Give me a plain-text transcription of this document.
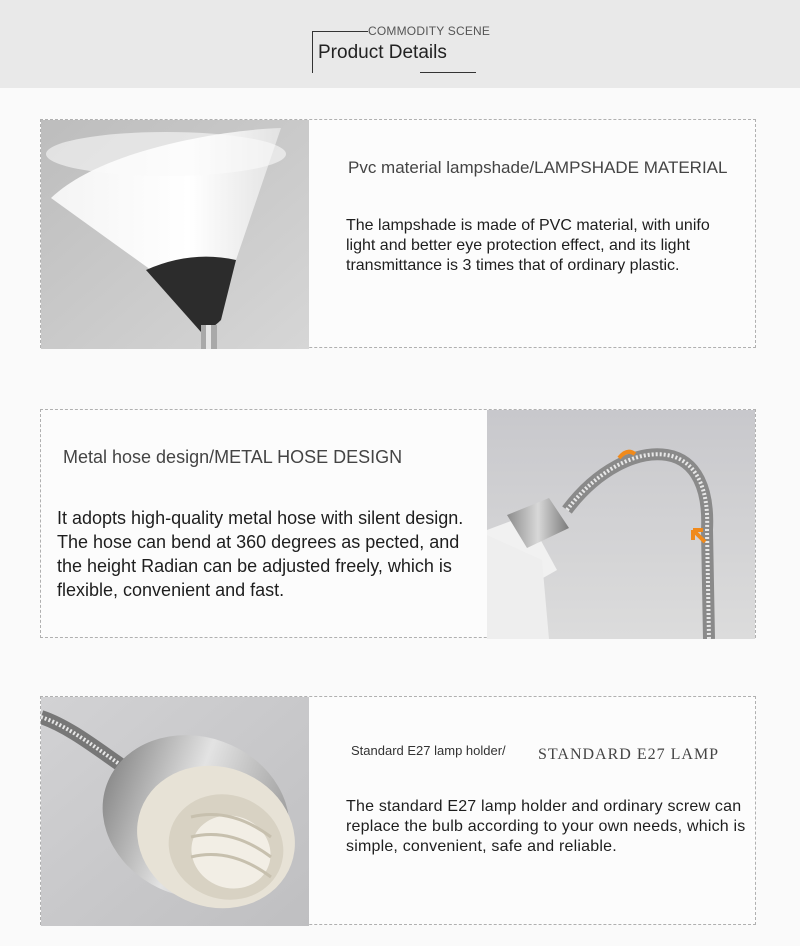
COMMODITY SCENE
Product Details
Pvc material lampshade/LAMPSHADE MATERIAL
The lampshade is made of PVC material, with unifo light and better eye protection effect, and its light transmittance is 3 times that of ordinary plastic.
Metal hose design/METAL HOSE DESIGN
It adopts high-quality metal hose with silent design. The hose can bend at 360 degrees as pected, and the height Radian can be adjusted freely, which is flexible, convenient and fast.
Standard E27 lamp holder/ STANDARD E27 LAMP
The standard E27 lamp holder and ordinary screw can replace the bulb according to your own needs, which is simple, convenient, safe and reliable.
